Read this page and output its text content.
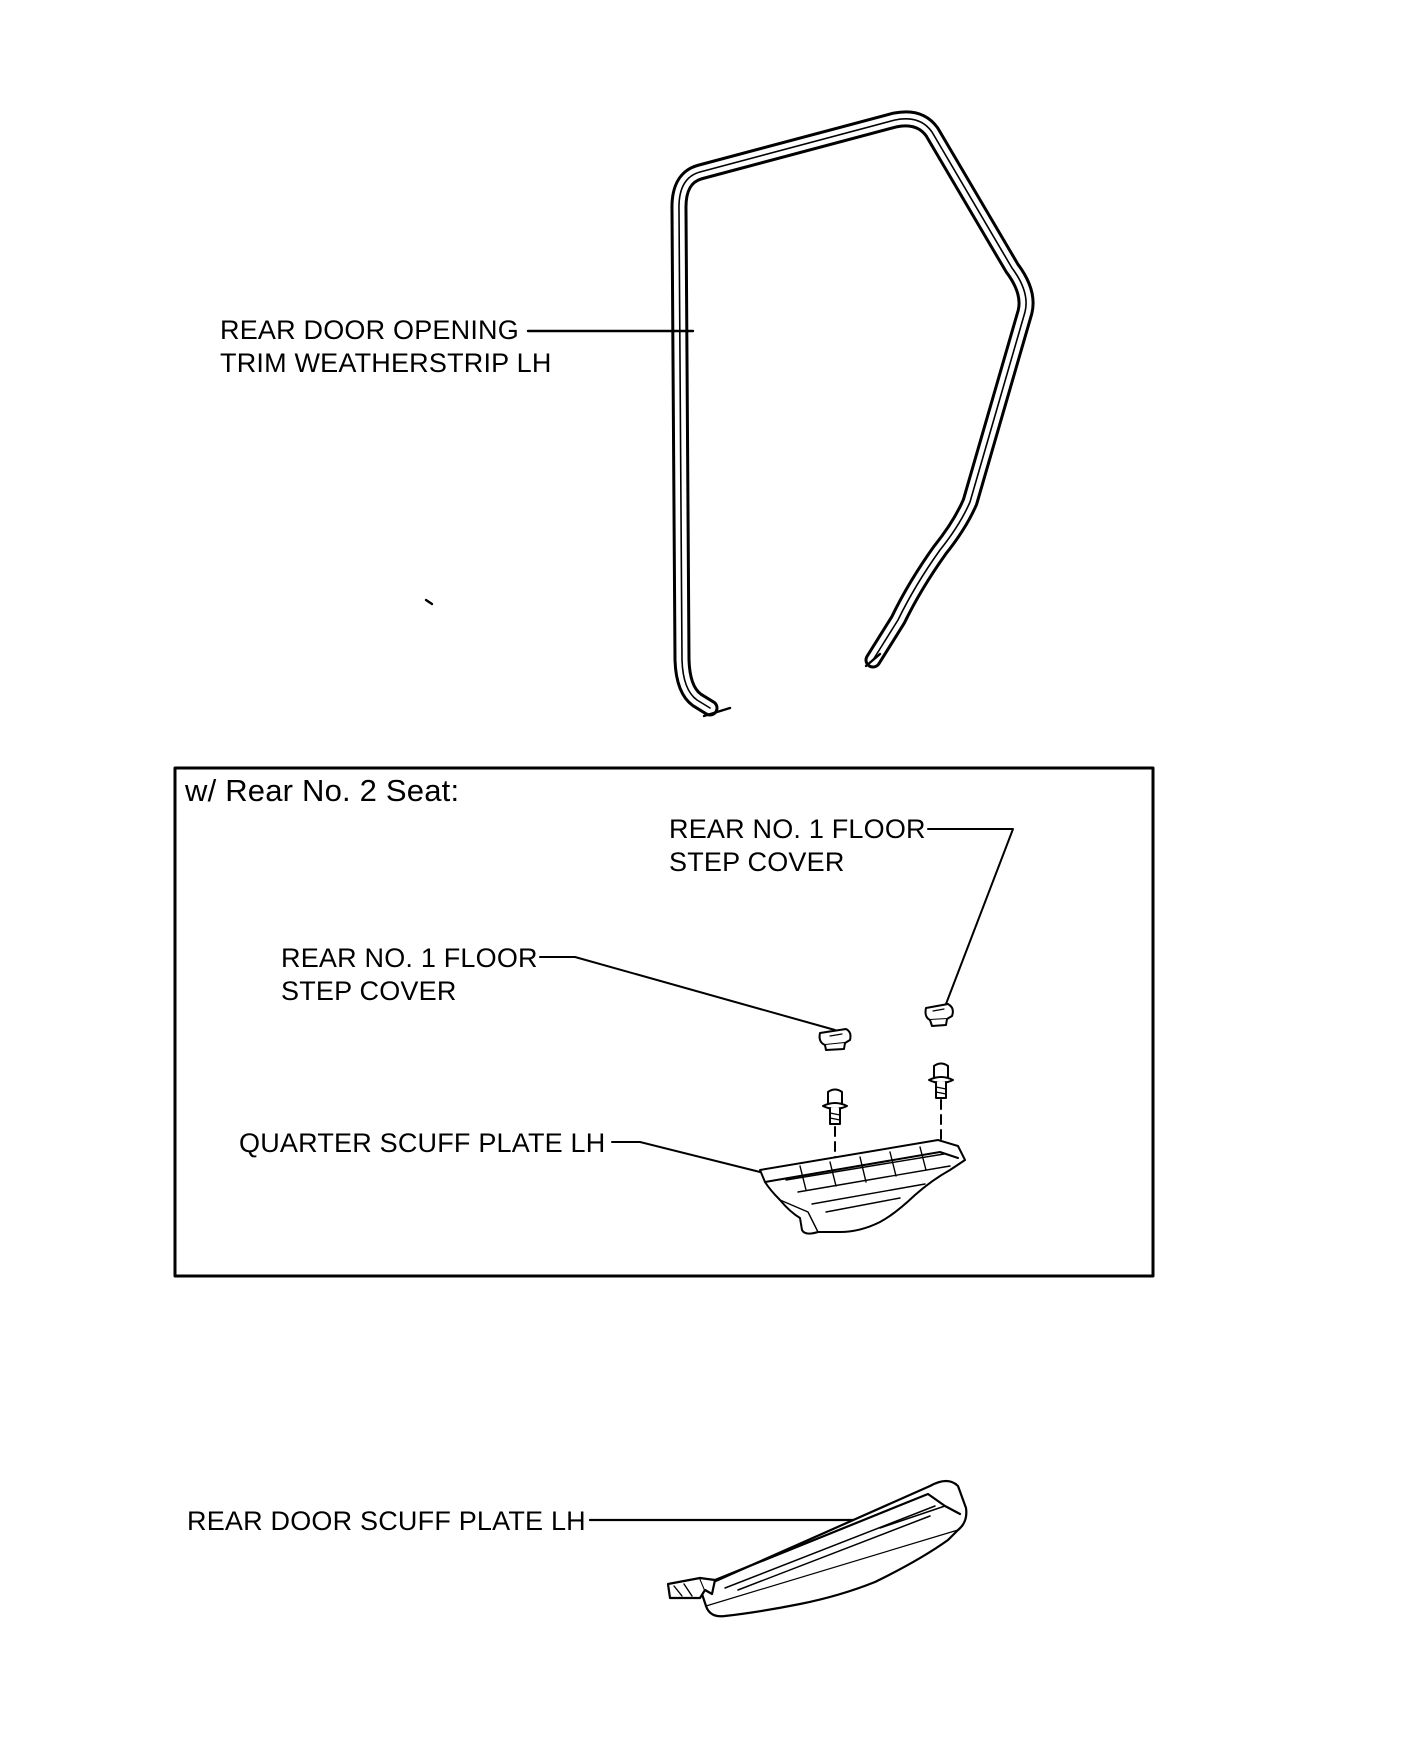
REAR DOOR OPENING
TRIM WEATHERSTRIP LH
w/ Rear No. 2 Seat:
REAR NO. 1 FLOOR
STEP COVER
REAR NO. 1 FLOOR
STEP COVER
QUARTER SCUFF PLATE LH
REAR DOOR SCUFF PLATE LH
